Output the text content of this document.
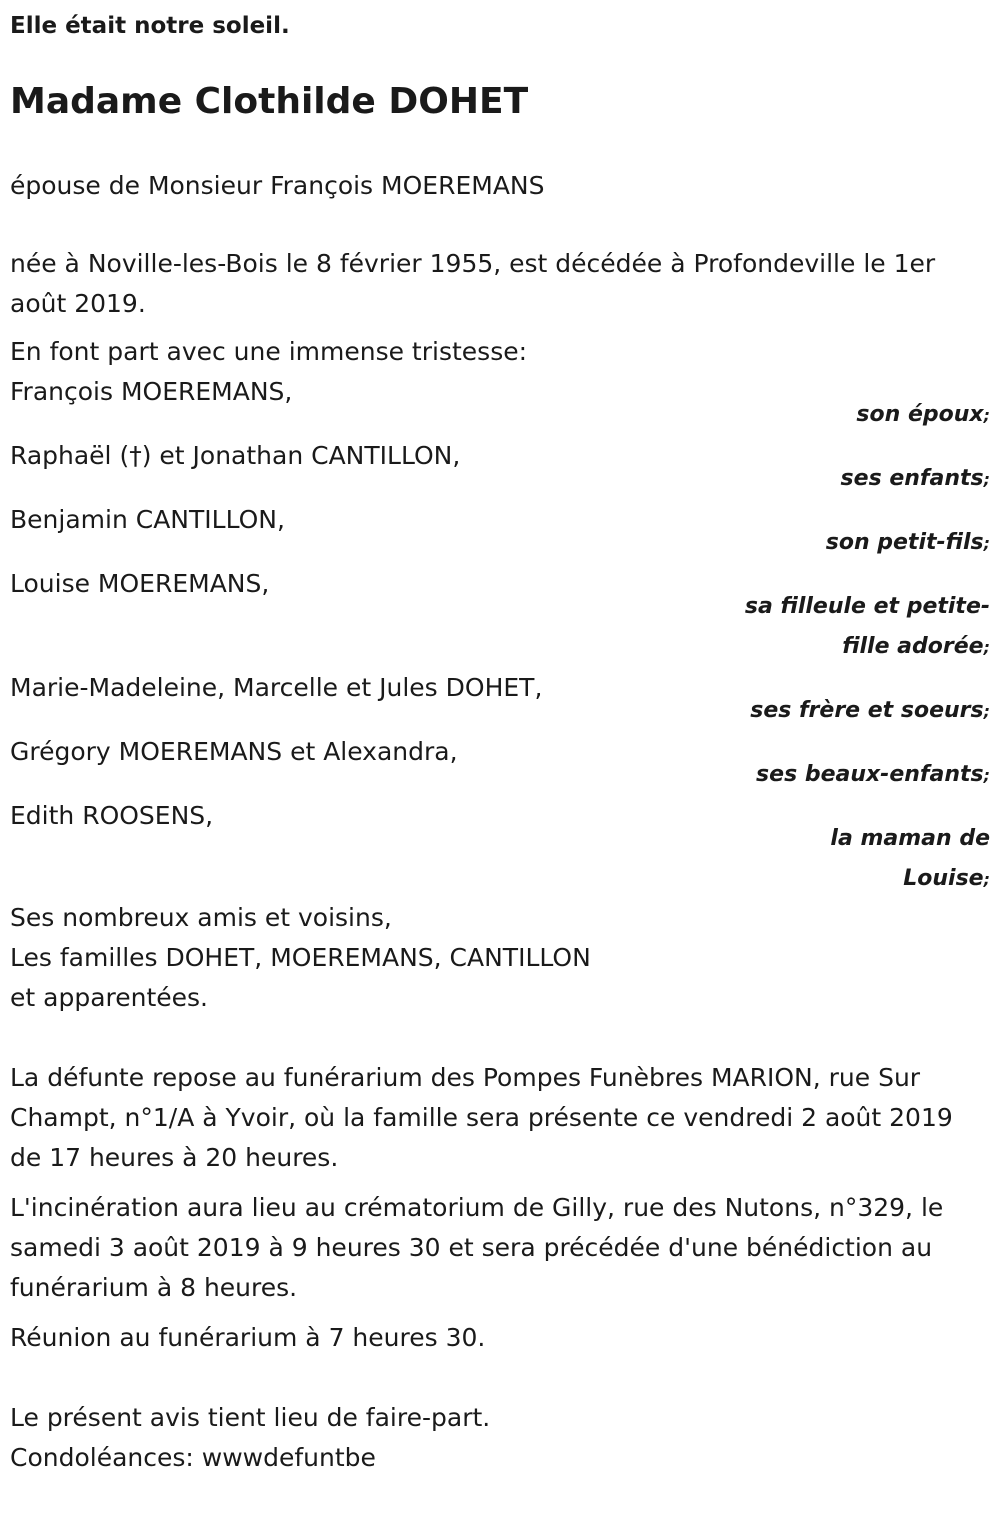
Elle était notre soleil.

Madame Clothilde DOHET

épouse de Monsieur François MOEREMANS

née à Noville-les-Bois le 8 février 1955, est décédée à Profondeville le 1er août 2019.

En font part avec une immense tristesse:

François MOEREMANS,
son époux;
Raphaël (†) et Jonathan CANTILLON,
ses enfants;
Benjamin CANTILLON,
son petit-fils;
Louise MOEREMANS,
sa filleule et petite-fille adorée;
Marie-Madeleine, Marcelle et Jules DOHET,
ses frère et soeurs;
Grégory MOEREMANS et Alexandra,
ses beaux-enfants;
Edith ROOSENS,
la maman de Louise;

Ses nombreux amis et voisins,

Les familles DOHET, MOEREMANS, CANTILLON

et apparentées.

La défunte repose au funérarium des Pompes Funèbres MARION, rue Sur Champt, n°1/A à Yvoir, où la famille sera présente ce vendredi 2 août 2019 de 17 heures à 20 heures.

L'incinération aura lieu au crématorium de Gilly, rue des Nutons, n°329, le samedi 3 août 2019 à 9 heures 30 et sera précédée d'une bénédiction au funérarium à 8 heures.

Réunion au funérarium à 7 heures 30.

Le présent avis tient lieu de faire-part.

Condoléances: wwwdefuntbe
